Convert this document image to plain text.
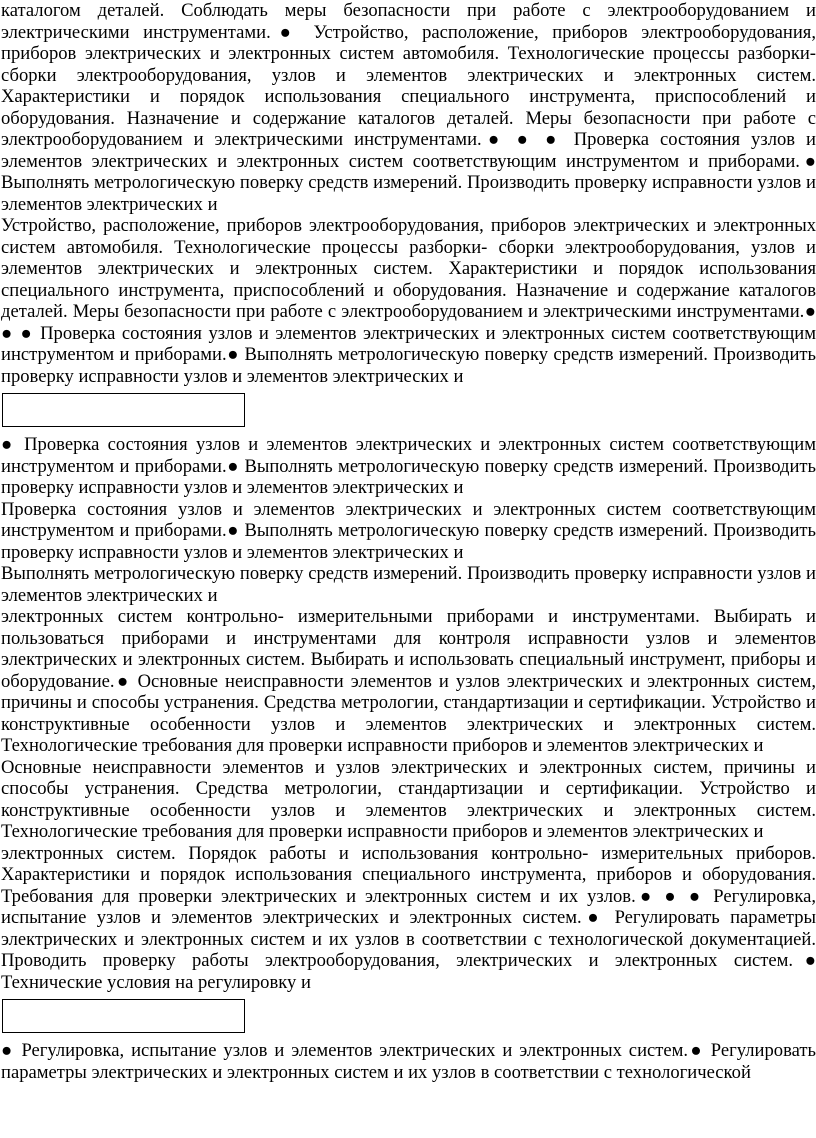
каталогом деталей. Соблюдать меры безопасности при работе с электрооборудованием и электрическими инструментами.● Устройство, расположение, приборов электрооборудования, приборов электрических и электронных систем автомобиля. Технологические процессы разборки-сборки электрооборудования, узлов и элементов электрических и электронных систем. Характеристики и порядок использования специального инструмента, приспособлений и оборудования. Назначение и содержание каталогов деталей. Меры безопасности при работе с электрооборудованием и электрическими инструментами.● ● ● Проверка состояния узлов и элементов электрических и электронных систем соответствующим инструментом и приборами.● Выполнять метрологическую поверку средств измерений. Производить проверку исправности узлов и элементов электрических и

Устройство, расположение, приборов электрооборудования, приборов электрических и электронных систем автомобиля. Технологические процессы разборки- сборки электрооборудования, узлов и элементов электрических и электронных систем. Характеристики и порядок использования специального инструмента, приспособлений и оборудования. Назначение и содержание каталогов деталей. Меры безопасности при работе с электрооборудованием и электрическими инструментами.● ● ● Проверка состояния узлов и элементов электрических и электронных систем соответствующим инструментом и приборами.● Выполнять метрологическую поверку средств измерений. Производить проверку исправности узлов и элементов электрических и

● Проверка состояния узлов и элементов электрических и электронных систем соответствующим инструментом и приборами.● Выполнять метрологическую поверку средств измерений. Производить проверку исправности узлов и элементов электрических и

Проверка состояния узлов и элементов электрических и электронных систем соответствующим инструментом и приборами.● Выполнять метрологическую поверку средств измерений. Производить проверку исправности узлов и элементов электрических и

Выполнять метрологическую поверку средств измерений. Производить проверку исправности узлов и элементов электрических и

электронных систем контрольно- измерительными приборами и инструментами. Выбирать и пользоваться приборами и инструментами для контроля исправности узлов и элементов электрических и электронных систем. Выбирать и использовать специальный инструмент, приборы и оборудование.● Основные неисправности элементов и узлов электрических и электронных систем, причины и способы устранения. Средства метрологии, стандартизации и сертификации. Устройство и конструктивные особенности узлов и элементов электрических и электронных систем. Технологические требования для проверки исправности приборов и элементов электрических и

Основные неисправности элементов и узлов электрических и электронных систем, причины и способы устранения. Средства метрологии, стандартизации и сертификации. Устройство и конструктивные особенности узлов и элементов электрических и электронных систем. Технологические требования для проверки исправности приборов и элементов электрических и

электронных систем. Порядок работы и использования контрольно- измерительных приборов. Характеристики и порядок использования специального инструмента, приборов и оборудования. Требования для проверки электрических и электронных систем и их узлов.● ● ● Регулировка, испытание узлов и элементов электрических и электронных систем.● Регулировать параметры электрических и электронных систем и их узлов в соответствии с технологической документацией. Проводить проверку работы электрооборудования, электрических и электронных систем.● Технические условия на регулировку и

● Регулировка, испытание узлов и элементов электрических и электронных систем.● Регулировать параметры электрических и электронных систем и их узлов в соответствии с технологической
